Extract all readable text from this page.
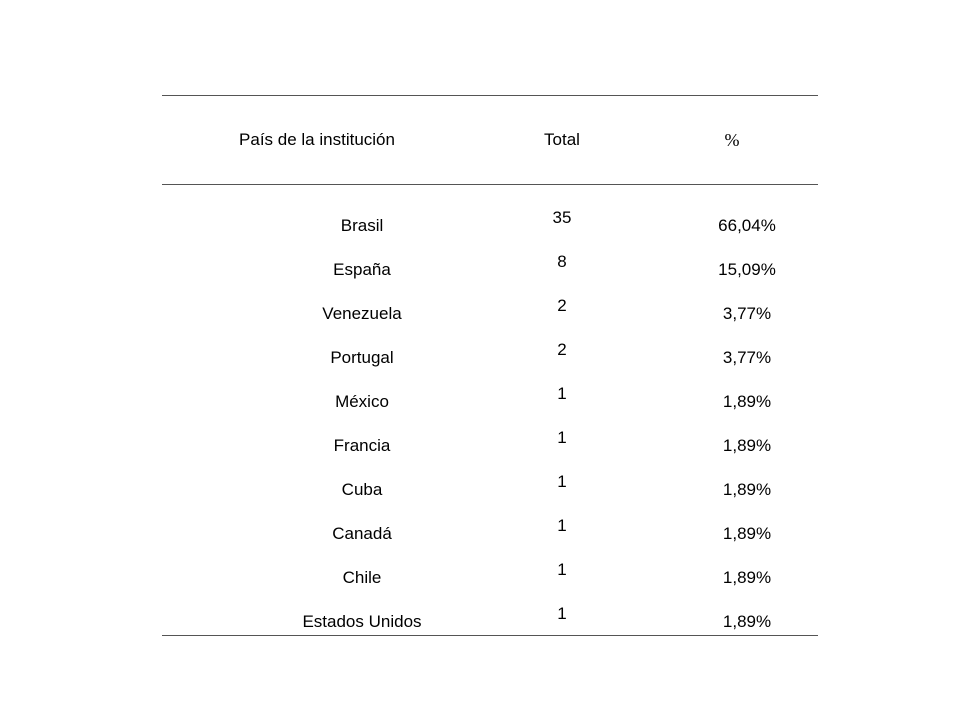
País de la institución	Total	%
Brasil	35	66,04%
España	8	15,09%
Venezuela	2	3,77%
Portugal	2	3,77%
México	1	1,89%
Francia	1	1,89%
Cuba	1	1,89%
Canadá	1	1,89%
Chile	1	1,89%
Estados Unidos	1	1,89%
